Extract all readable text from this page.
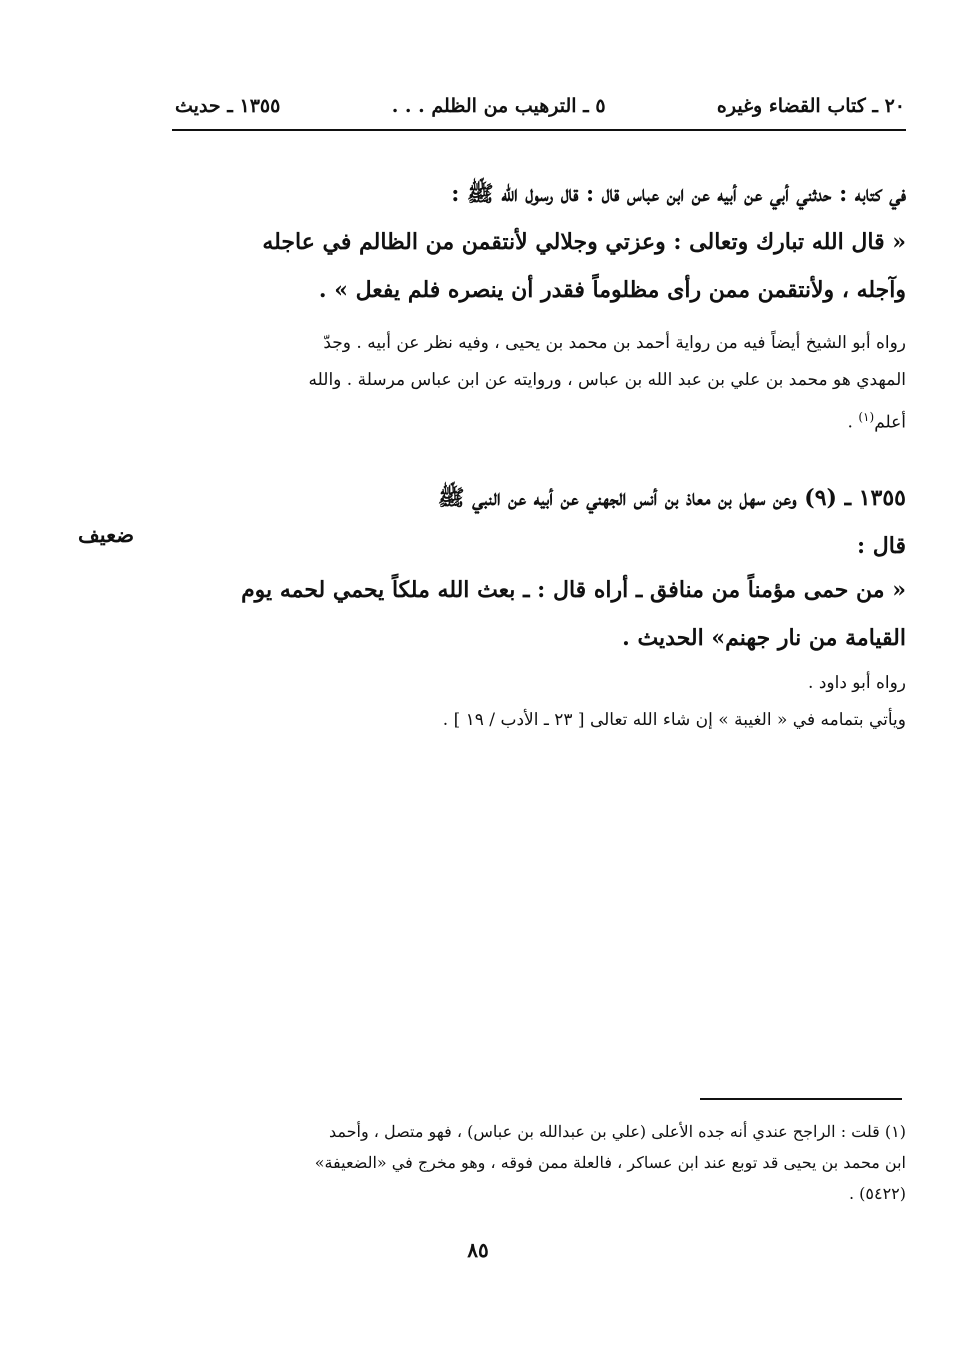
٢٠ ـ كتاب القضاء وغيره
٥ ـ الترهيب من الظلم . . .
١٣٥٥ ـ حديث
في كتابه : حدثني أبي عن أبيه عن ابن عباس قال : قال رسول الله ﷺ :
« قال الله تبارك وتعالى : وعزتي وجلالي لأنتقمن من الظالم في عاجله
وآجله ، ولأنتقمن ممن رأى مظلوماً فقدر أن ينصره فلم يفعل » .
رواه أبو الشيخ أيضاً فيه من رواية أحمد بن محمد بن يحيى ، وفيه نظر عن أبيه . وجدّ
المهدي هو محمد بن علي بن عبد الله بن عباس ، وروايته عن ابن عباس مرسلة . والله
أعلم$^{(١)}$ .
١٣٥٥ ـ (٩) وعن سهل بن معاذ بن أنس الجهني عن أبيه عن النبي ﷺ
قال :
ضعيف
« من حمى مؤمناً من منافق ـ أراه قال : ـ بعث الله ملكاً يحمي لحمه يوم
القيامة من نار جهنم» الحديث .
رواه أبو داود .
ويأتي بتمامه في « الغيبة » إن شاء الله تعالى [ ٢٣ ـ الأدب / ١٩ ] .
(١) قلت : الراجح عندي أنه جده الأعلى (علي بن عبدالله بن عباس) ، فهو متصل ، وأحمد
ابن محمد بن يحيى قد توبع عند ابن عساكر ، فالعلة ممن فوقه ، وهو مخرج في «الضعيفة»
(٥٤٢٢) .
٨٥
